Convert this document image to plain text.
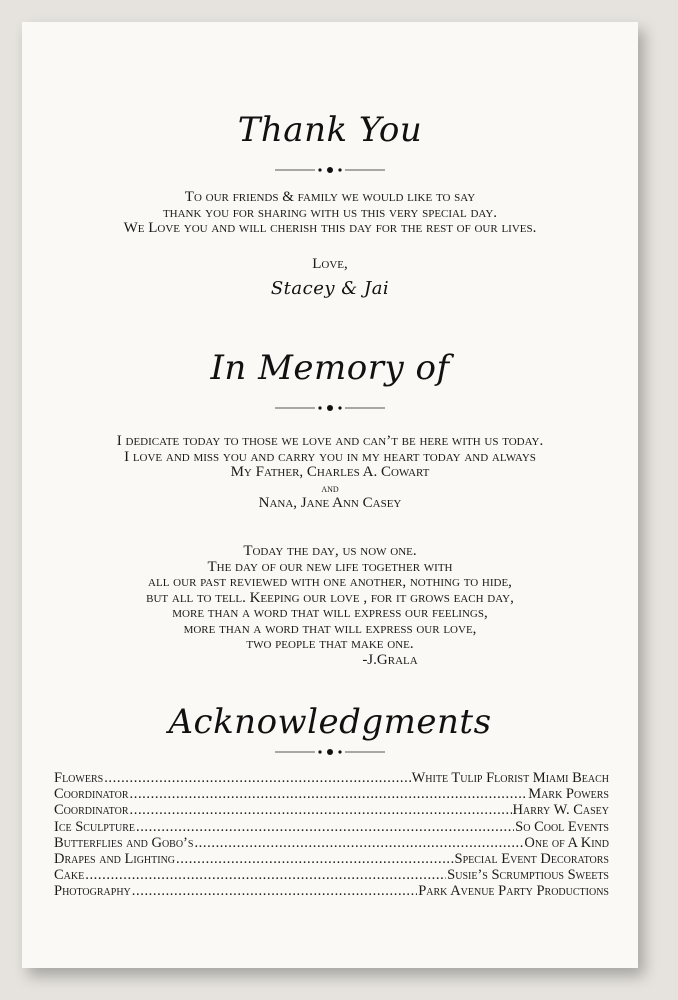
Thank You
To our friends & family we would like to say
thank you for sharing with us this very special day.
We Love you and will cherish this day for the rest of our lives.
Love,
Stacey & Jai
In Memory of
I dedicate today to those we love and can’t be here with us today.
I love and miss you and carry you in my heart today and always
My Father, Charles A. Cowart
and
Nana, Jane Ann Casey
Today the day, us now one.
The day of our new life together with
all our past reviewed with one another, nothing to hide,
but all to tell. Keeping our love , for it grows each day,
more than a word that will express our feelings,
more than a word that will express our love,
two people that make one.
-J.Grala
Acknowledgments
Flowers .....	White Tulip Florist Miami Beach
Coordinator .....	Mark Powers
Coordinator .....	Harry W. Casey
Ice Sculpture .....	So Cool Events
Butterflies and Gobo’s .....	One of A Kind
Drapes and Lighting .....	Special Event Decorators
Cake .....	Susie’s Scrumptious Sweets
Photography .....	Park Avenue Party Productions
